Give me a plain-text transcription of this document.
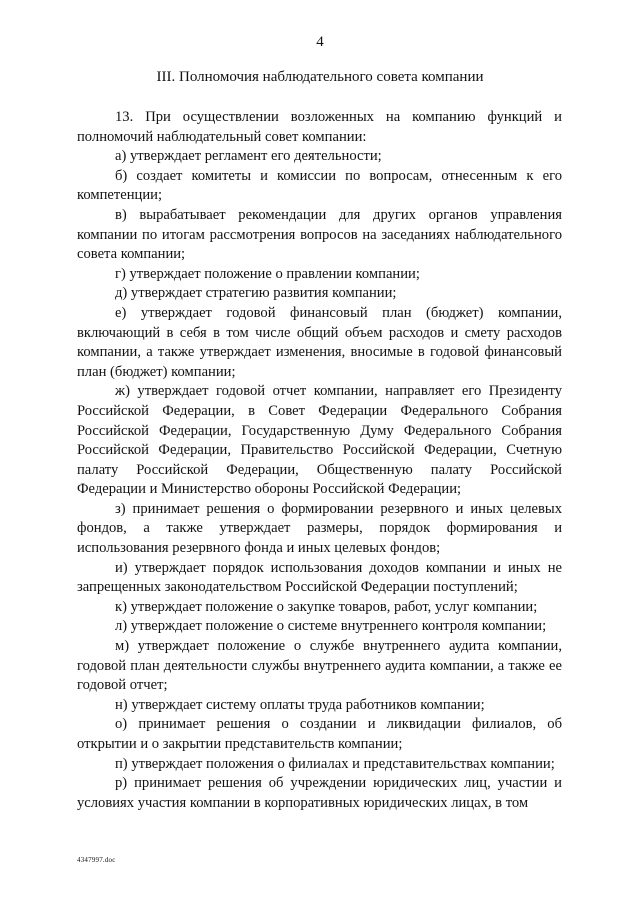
4
III. Полномочия наблюдательного совета компании

13. При осуществлении возложенных на компанию функций и полномочий наблюдательный совет компании:

а) утверждает регламент его деятельности;

б) создает комитеты и комиссии по вопросам, отнесенным к его компетенции;

в) вырабатывает рекомендации для других органов управления компании по итогам рассмотрения вопросов на заседаниях наблюдательного совета компании;

г) утверждает положение о правлении компании;

д) утверждает стратегию развития компании;

е) утверждает годовой финансовый план (бюджет) компании, включающий в себя в том числе общий объем расходов и смету расходов компании, а также утверждает изменения, вносимые в годовой финансовый план (бюджет) компании;

ж) утверждает годовой отчет компании, направляет его Президенту Российской Федерации, в Совет Федерации Федерального Собрания Российской Федерации, Государственную Думу Федерального Собрания Российской Федерации, Правительство Российской Федерации, Счетную палату Российской Федерации, Общественную палату Российской Федерации и Министерство обороны Российской Федерации;

з) принимает решения о формировании резервного и иных целевых фондов, а также утверждает размеры, порядок формирования и использования резервного фонда и иных целевых фондов;

и) утверждает порядок использования доходов компании и иных не запрещенных законодательством Российской Федерации поступлений;

к) утверждает положение о закупке товаров, работ, услуг компании;

л) утверждает положение о системе внутреннего контроля компании;

м) утверждает положение о службе внутреннего аудита компании, годовой план деятельности службы внутреннего аудита компании, а также ее годовой отчет;

н) утверждает систему оплаты труда работников компании;

о) принимает решения о создании и ликвидации филиалов, об открытии и о закрытии представительств компании;

п) утверждает положения о филиалах и представительствах компании;

р) принимает решения об учреждении юридических лиц, участии и условиях участия компании в корпоративных юридических лицах, в том

4347997.doc
